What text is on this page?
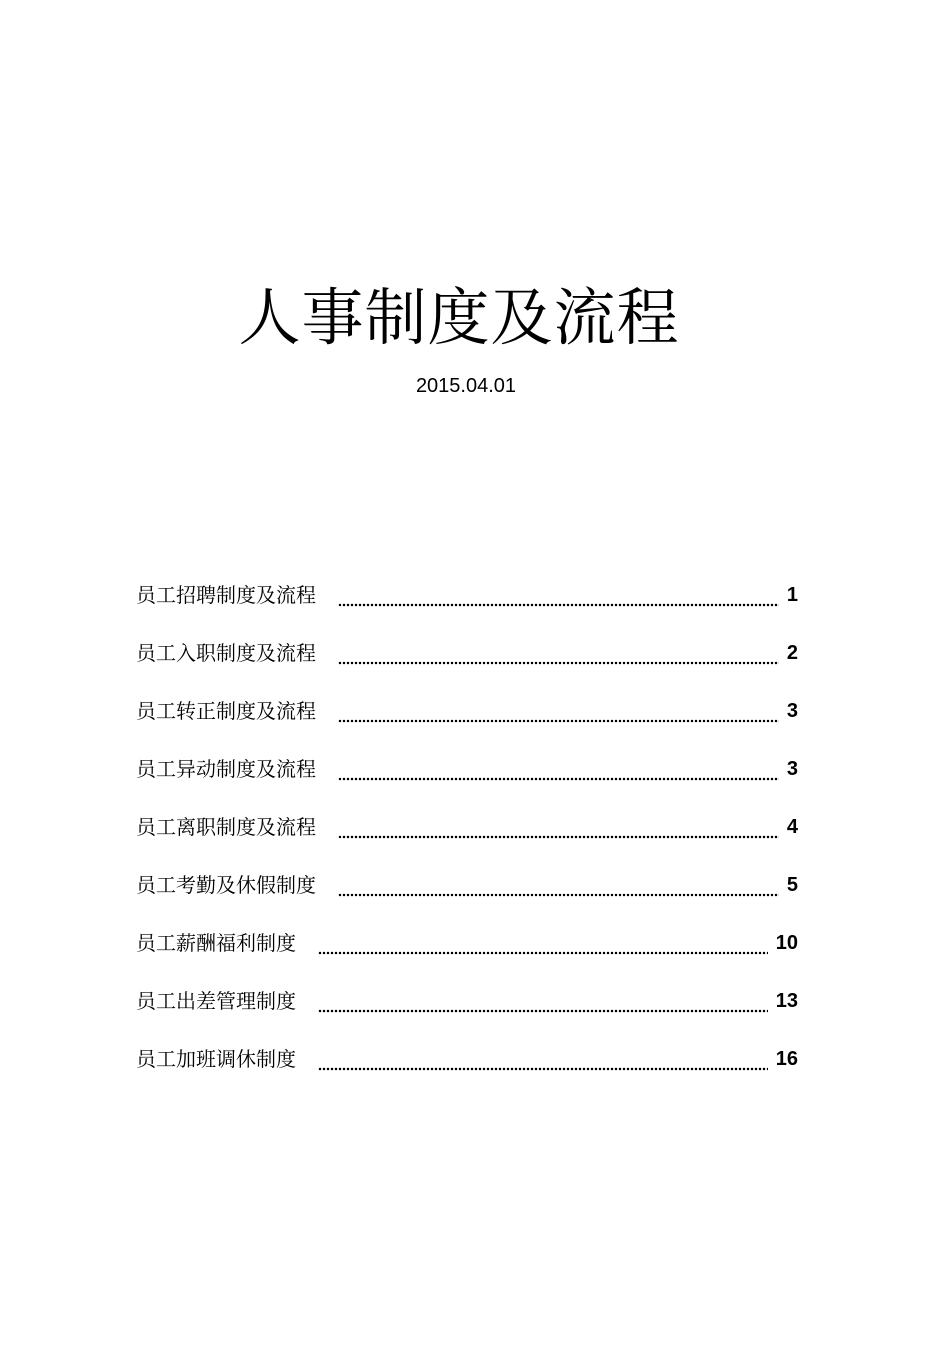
人事制度及流程
2015.04.01
员工招聘制度及流程	1
员工入职制度及流程	2
员工转正制度及流程	3
员工异动制度及流程	3
员工离职制度及流程	4
员工考勤及休假制度	5
员工薪酬福利制度	10
员工出差管理制度	13
员工加班调休制度	16
